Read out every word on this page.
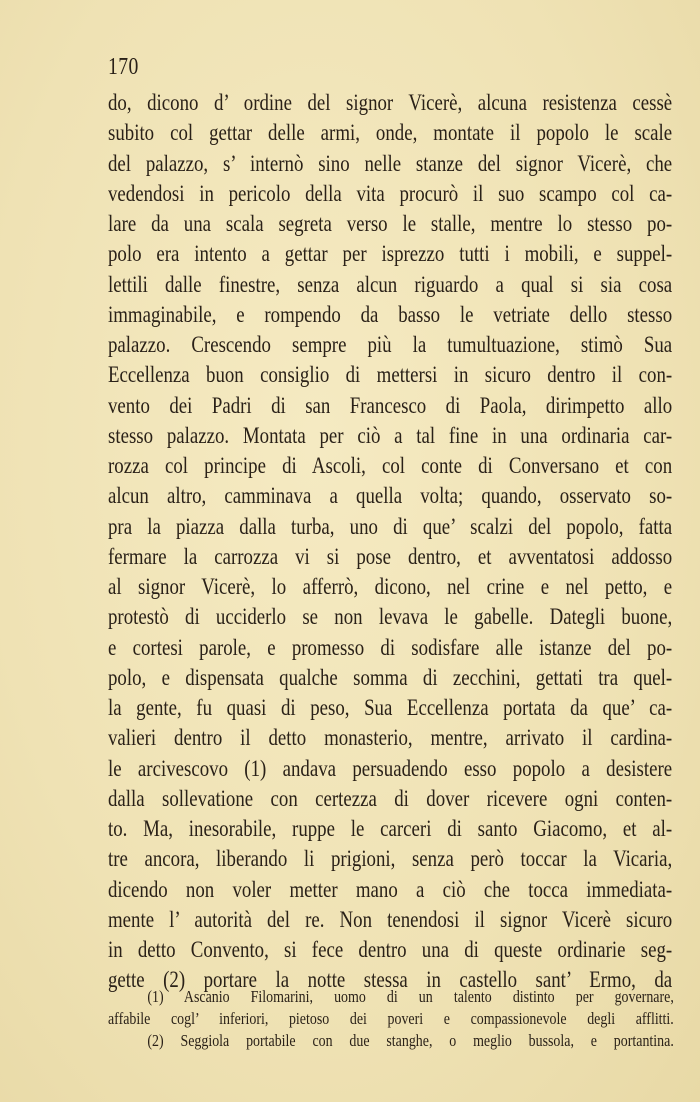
170
do, dicono d’ ordine del signor Vicerè, alcuna resistenza cessè
subito col gettar delle armi, onde, montate il popolo le scale
del palazzo, s’ internò sino nelle stanze del signor Vicerè, che
vedendosi in pericolo della vita procurò il suo scampo col ca-
lare da una scala segreta verso le stalle, mentre lo stesso po-
polo era intento a gettar per isprezzo tutti i mobili, e suppel-
lettili dalle finestre, senza alcun riguardo a qual si sia cosa
immaginabile, e rompendo da basso le vetriate dello stesso
palazzo. Crescendo sempre più la tumultuazione, stimò Sua
Eccellenza buon consiglio di mettersi in sicuro dentro il con-
vento dei Padri di san Francesco di Paola, dirimpetto allo
stesso palazzo. Montata per ciò a tal fine in una ordinaria car-
rozza col principe di Ascoli, col conte di Conversano et con
alcun altro, camminava a quella volta; quando, osservato so-
pra la piazza dalla turba, uno di que’ scalzi del popolo, fatta
fermare la carrozza vi si pose dentro, et avventatosi addosso
al signor Vicerè, lo afferrò, dicono, nel crine e nel petto, e
protestò di ucciderlo se non levava le gabelle. Dategli buone,
e cortesi parole, e promesso di sodisfare alle istanze del po-
polo, e dispensata qualche somma di zecchini, gettati tra quel-
la gente, fu quasi di peso, Sua Eccellenza portata da que’ ca-
valieri dentro il detto monasterio, mentre, arrivato il cardina-
le arcivescovo (1) andava persuadendo esso popolo a desistere
dalla sollevatione con certezza di dover ricevere ogni conten-
to. Ma, inesorabile, ruppe le carceri di santo Giacomo, et al-
tre ancora, liberando li prigioni, senza però toccar la Vicaria,
dicendo non voler metter mano a ciò che tocca immediata-
mente l’ autorità del re. Non tenendosi il signor Vicerè sicuro
in detto Convento, si fece dentro una di queste ordinarie seg-
gette (2) portare la notte stessa in castello sant’ Ermo, da
(1) Ascanio Filomarini, uomo di un talento distinto per governare,
affabile cogl’ inferiori, pietoso dei poveri e compassionevole degli afflitti.
(2) Seggiola portabile con due stanghe, o meglio bussola, e portantina.
